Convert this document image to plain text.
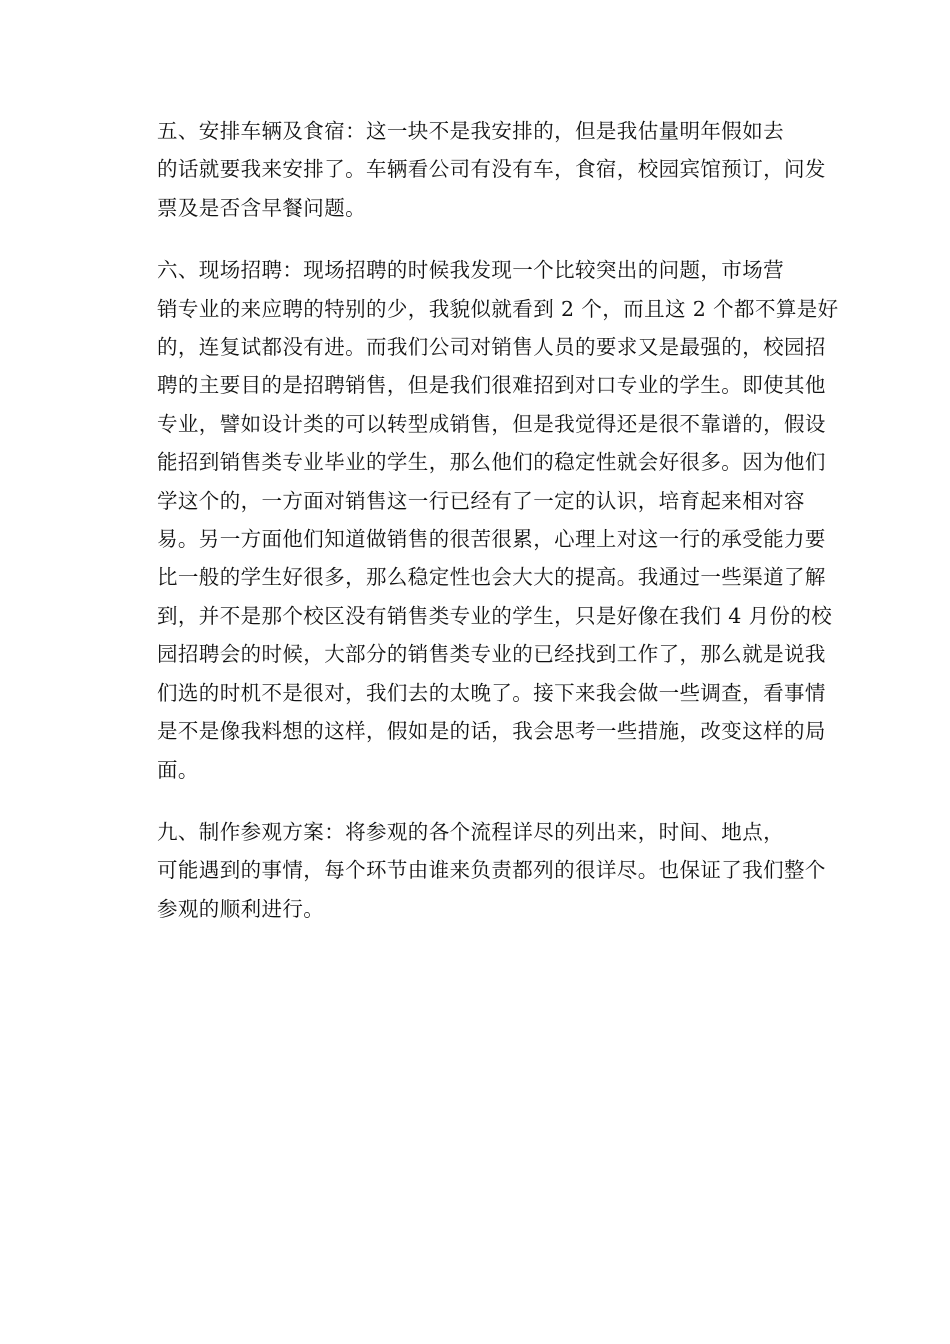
五、安排车辆及食宿：这一块不是我安排的，但是我估量明年假如去
的话就要我来安排了。车辆看公司有没有车，食宿，校园宾馆预订，问发
票及是否含早餐问题。

六、现场招聘：现场招聘的时候我发现一个比较突出的问题，市场营
销专业的来应聘的特别的少，我貌似就看到 2 个，而且这 2 个都不算是好
的，连复试都没有进。而我们公司对销售人员的要求又是最强的，校园招
聘的主要目的是招聘销售，但是我们很难招到对口专业的学生。即使其他
专业，譬如设计类的可以转型成销售，但是我觉得还是很不靠谱的，假设
能招到销售类专业毕业的学生，那么他们的稳定性就会好很多。因为他们
学这个的，一方面对销售这一行已经有了一定的认识，培育起来相对容
易。另一方面他们知道做销售的很苦很累，心理上对这一行的承受能力要
比一般的学生好很多，那么稳定性也会大大的提高。我通过一些渠道了解
到，并不是那个校区没有销售类专业的学生，只是好像在我们 4 月份的校
园招聘会的时候，大部分的销售类专业的已经找到工作了，那么就是说我
们选的时机不是很对，我们去的太晚了。接下来我会做一些调查，看事情
是不是像我料想的这样，假如是的话，我会思考一些措施，改变这样的局
面。

九、制作参观方案：将参观的各个流程详尽的列出来，时间、地点，
可能遇到的事情，每个环节由谁来负责都列的很详尽。也保证了我们整个
参观的顺利进行。
